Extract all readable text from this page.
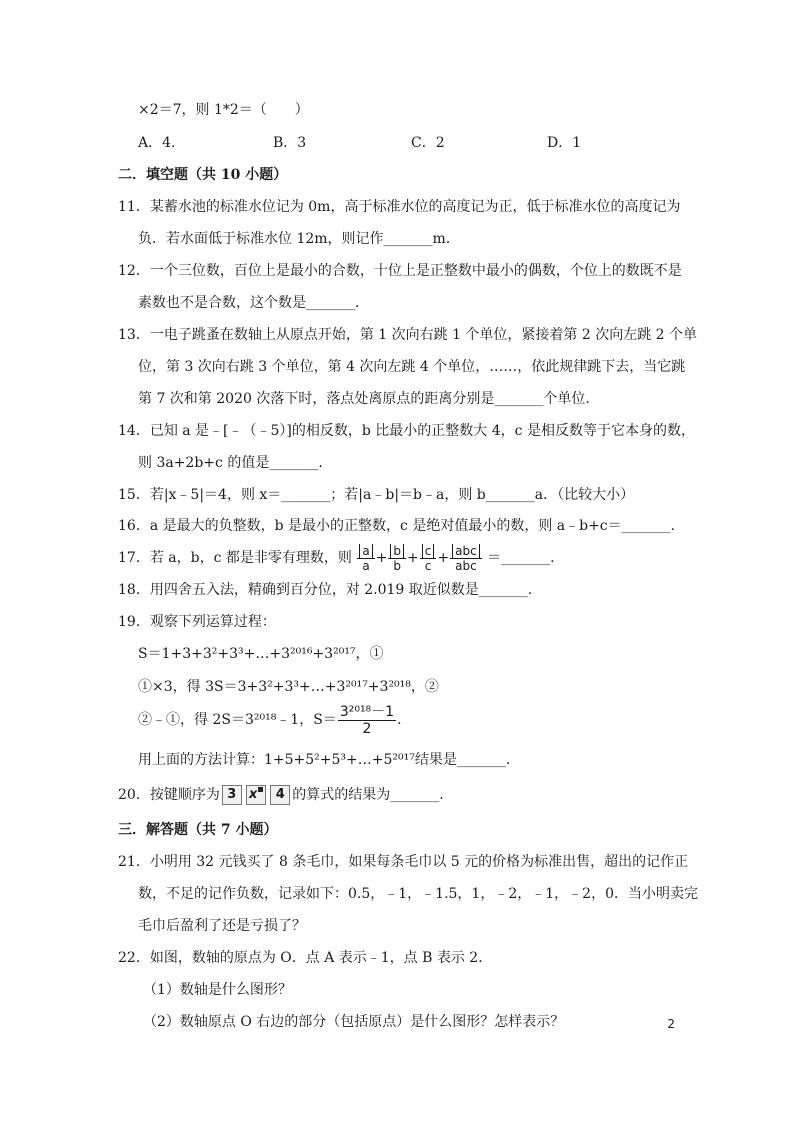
×2＝7，则 1*2＝（　　）
A．4.	B．3	C．2	D．1
二．填空题（共 10 小题）
11．某蓄水池的标准水位记为 0m，高于标准水位的高度记为正，低于标准水位的高度记为
负．若水面低于标准水位 12m，则记作_______m．
12．一个三位数，百位上是最小的合数，十位上是正整数中最小的偶数，个位上的数既不是
素数也不是合数，这个数是_______．
13．一电子跳蚤在数轴上从原点开始，第 1 次向右跳 1 个单位，紧接着第 2 次向左跳 2 个单
位，第 3 次向右跳 3 个单位，第 4 次向左跳 4 个单位，……，依此规律跳下去，当它跳
第 7 次和第 2020 次落下时，落点处离原点的距离分别是_______个单位.
14．已知 a 是﹣[﹣（﹣5）]的相反数，b 比最小的正整数大 4，c 是相反数等于它本身的数，
则 3a+2b+c 的值是_______.
15．若|x﹣5|＝4，则 x＝_______；若|a﹣b|＝b﹣a，则 b_______a．（比较大小）
16．a 是最大的负整数，b 是最小的正整数，c 是绝对值最小的数，则 a﹣b+c＝_______.
17．若 a，b，c 都是非零有理数，则 $\frac{a}{a} + \frac{b}{b} + \frac{c}{c} + \frac{\text{abc}}{\text{abc}}$ ＝_______.
18．用四舍五入法，精确到百分位，对 2.019 取近似数是_______.
19．观察下列运算过程：
S＝1+3+3²+3³+…+3²⁰¹⁶+3²⁰¹⁷，①
①×3，得 3S＝3+3²+3³+…+3²⁰¹⁷+3²⁰¹⁸，②
②﹣①，得 2S＝3²⁰¹⁸﹣1，$S= \frac{\text{3²⁰¹⁸－1}}{2}$ .
用上面的方法计算：1+5+5²+5³+…+5²⁰¹⁷结果是_______.
20．按键顺序为 3 x 4 的算式的结果为_______.
三．解答题（共 7 小题）
21．小明用 32 元钱买了 8 条毛巾，如果每条毛巾以 5 元的价格为标准出售，超出的记作正
数，不足的记作负数，记录如下：0.5，﹣1，﹣1.5，1，﹣2，﹣1，﹣2，0．当小明卖完
毛巾后盈利了还是亏损了？
22．如图，数轴的原点为 O．点 A 表示﹣1，点 B 表示 2．
（1）数轴是什么图形？
（2）数轴原点 O 右边的部分（包括原点）是什么图形？怎样表示？	2
